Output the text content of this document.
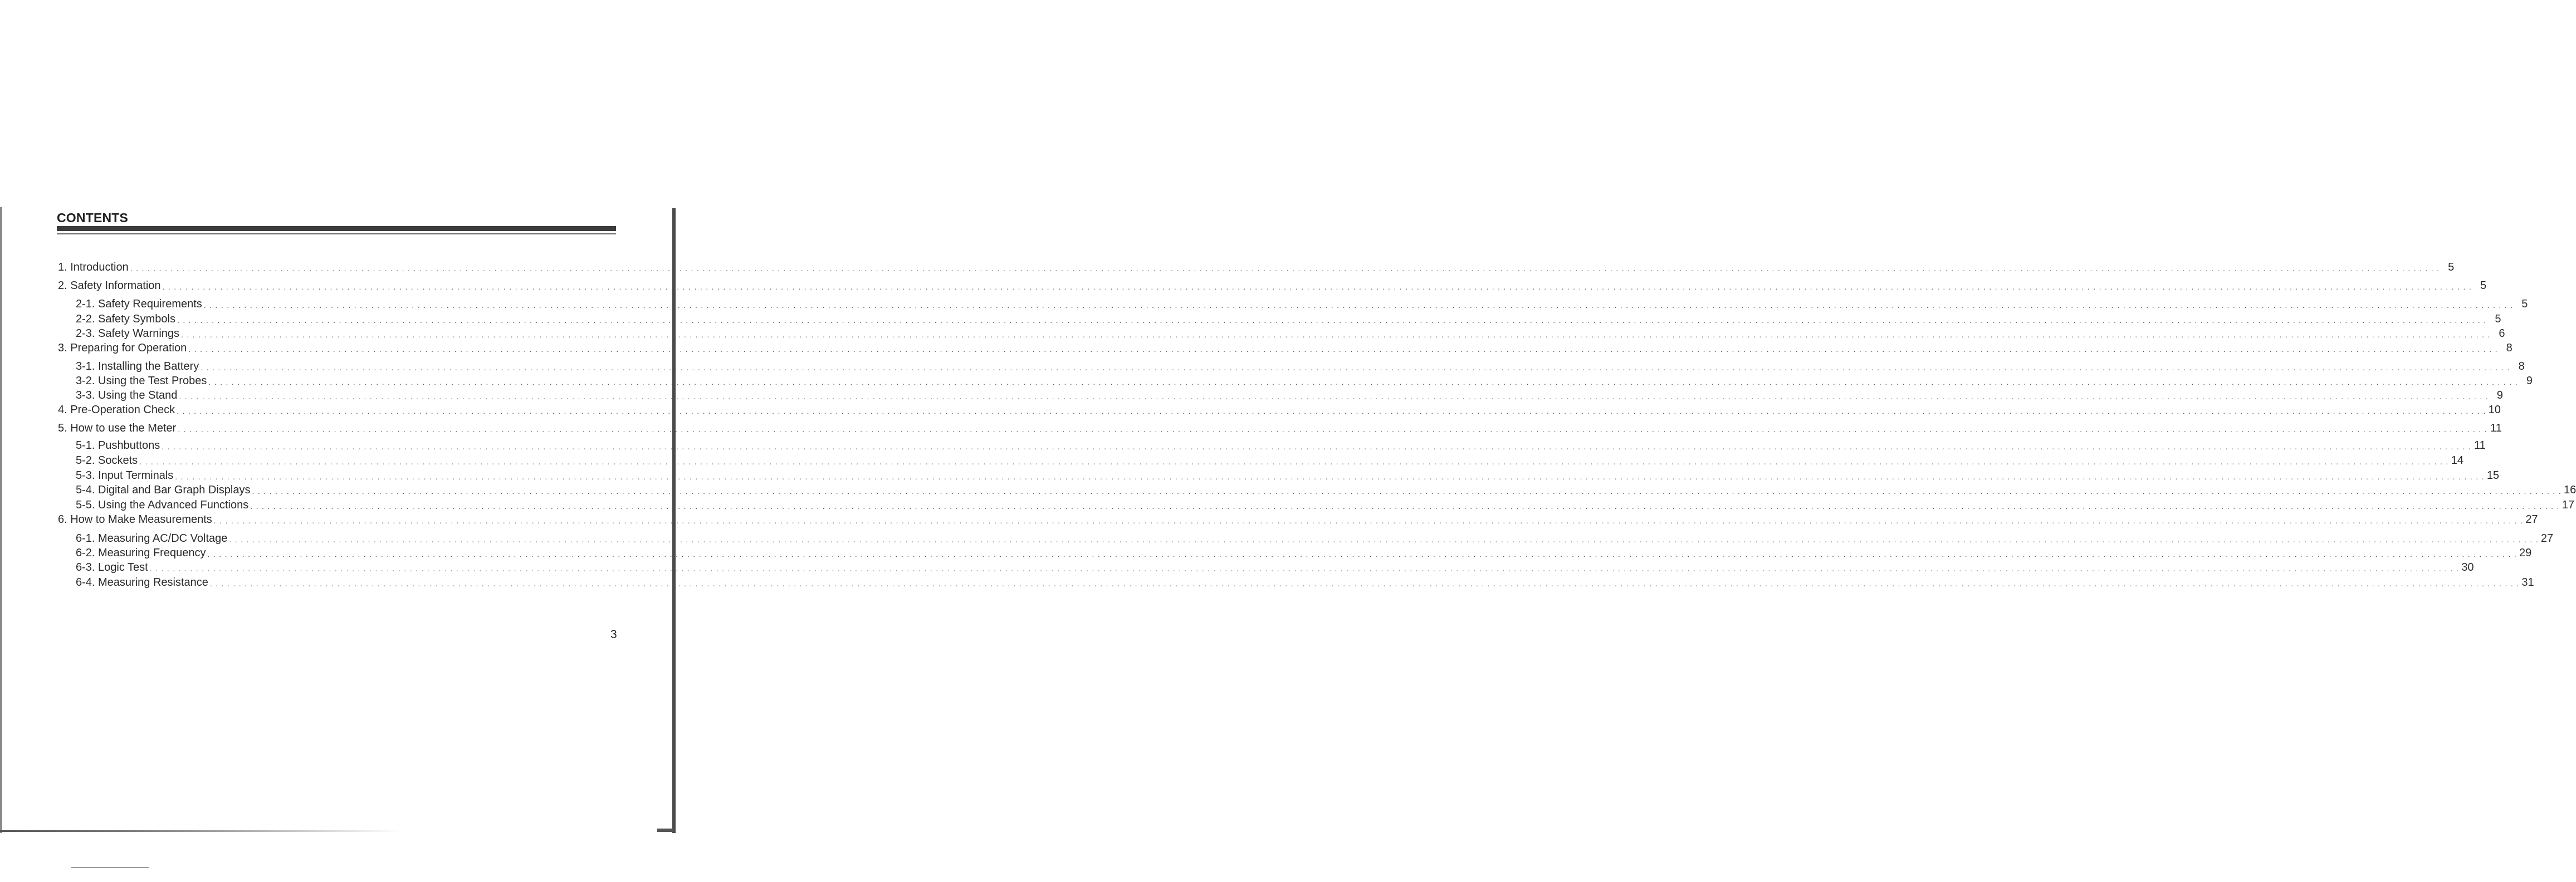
CONTENTS
1. Introduction . . . . . . . . . . . . . . . . . . . . . . . . . . . . . . . . . . . . . . . . . . . . . . . . . . . . . . . . . . . . . . . . . . . . . . . . . . . . . . . . . . . . . . . . . . . . . . . . . . . . . . . . . . . . . . . . . . . . . . . . . . . . . . . . . . . . . . . . . . . . . . . . . . . . . . . . . . . . . . . . . . . . . . . . . . . . . . . . . . . . . . . . . . . . . . . . . . . . . . . . . . . . . . . . . . . . . . . . . . . . . . . . . . . . . . . . . . . . . . . . . . . . . . . . . . . . . . . . . . . . . . . . . . . . . . . . . . . . . . . . . . . . . . . . . . . . . . . . . . . . . . . . . . . . . . . . . . . . . . . . . . . . . . . . . . . . . . . . . . . . . . . . . . . . . . . . . . . . . . . . . . . . . . . . . . . . . . . . . . . . . . . . . . . . . . . . . . . . . . . . 5
2. Safety Information . . . . . . . . . . . . . . . . . . . . . . . . . . . . . . . . . . . . . . . . . . . . . . . . . . . . . . . . . . . . . . . . . . . . . . . . . . . . . . . . . . . . . . . . . . . . . . . . . . . . . . . . . . . . . . . . . . . . . . . . . . . . . . . . . . . . . . . . . . . . . . . . . . . . . . . . . . . . . . . . . . . . . . . . . . . . . . . . . . . . . . . . . . . . . . . . . . . . . . . . . . . . . . . . . . . . . . . . . . . . . . . . . . . . . . . . . . . . . . . . . . . . . . . . . . . . . . . . . . . . . . . . . . . . . . . . . . . . . . . . . . . . . . . . . . . . . . . . . . . . . . . . . . . . . . . . . . . . . . . . . . . . . . . . . . . . . . . . . . . . . . . . . . . . . . . . . . . . . . . . . . . . . . . . . . . . . . . . . . . . . . . . . . . . . . . . . . . . . . . . 5
2-1. Safety Requirements . . . . . . . . . . . . . . . . . . . . . . . . . . . . . . . . . . . . . . . . . . . . . . . . . . . . . . . . . . . . . . . . . . . . . . . . . . . . . . . . . . . . . . . . . . . . . . . . . . . . . . . . . . . . . . . . . . . . . . . . . . . . . . . . . . . . . . . . . . . . . . . . . . . . . . . . . . . . . . . . . . . . . . . . . . . . . . . . . . . . . . . . . . . . . . . . . . . . . . . . . . . . . . . . . . . . . . . . . . . . . . . . . . . . . . . . . . . . . . . . . . . . . . . . . . . . . . . . . . . . . . . . . . . . . . . . . . . . . . . . . . . . . . . . . . . . . . . . . . . . . . . . . . . . . . . . . . . . . . . . . . . . . . . . . . . . . . . . . . . . . . . . . . . . . . . . . . . . . . . . . . . . . . . . . . . . . . . . . . . . . . . . . . . . . . . . . . . . . . . . 5
2-2. Safety Symbols . . . . . . . . . . . . . . . . . . . . . . . . . . . . . . . . . . . . . . . . . . . . . . . . . . . . . . . . . . . . . . . . . . . . . . . . . . . . . . . . . . . . . . . . . . . . . . . . . . . . . . . . . . . . . . . . . . . . . . . . . . . . . . . . . . . . . . . . . . . . . . . . . . . . . . . . . . . . . . . . . . . . . . . . . . . . . . . . . . . . . . . . . . . . . . . . . . . . . . . . . . . . . . . . . . . . . . . . . . . . . . . . . . . . . . . . . . . . . . . . . . . . . . . . . . . . . . . . . . . . . . . . . . . . . . . . . . . . . . . . . . . . . . . . . . . . . . . . . . . . . . . . . . . . . . . . . . . . . . . . . . . . . . . . . . . . . . . . . . . . . . . . . . . . . . . . . . . . . . . . . . . . . . . . . . . . . . . . . . . . . . . . . . . . . . . . . . . . . . . . 5
2-3. Safety Warnings . . . . . . . . . . . . . . . . . . . . . . . . . . . . . . . . . . . . . . . . . . . . . . . . . . . . . . . . . . . . . . . . . . . . . . . . . . . . . . . . . . . . . . . . . . . . . . . . . . . . . . . . . . . . . . . . . . . . . . . . . . . . . . . . . . . . . . . . . . . . . . . . . . . . . . . . . . . . . . . . . . . . . . . . . . . . . . . . . . . . . . . . . . . . . . . . . . . . . . . . . . . . . . . . . . . . . . . . . . . . . . . . . . . . . . . . . . . . . . . . . . . . . . . . . . . . . . . . . . . . . . . . . . . . . . . . . . . . . . . . . . . . . . . . . . . . . . . . . . . . . . . . . . . . . . . . . . . . . . . . . . . . . . . . . . . . . . . . . . . . . . . . . . . . . . . . . . . . . . . . . . . . . . . . . . . . . . . . . . . . . . . . . . . . . . . . . . . . . . . . 6
3. Preparing for Operation . . . . . . . . . . . . . . . . . . . . . . . . . . . . . . . . . . . . . . . . . . . . . . . . . . . . . . . . . . . . . . . . . . . . . . . . . . . . . . . . . . . . . . . . . . . . . . . . . . . . . . . . . . . . . . . . . . . . . . . . . . . . . . . . . . . . . . . . . . . . . . . . . . . . . . . . . . . . . . . . . . . . . . . . . . . . . . . . . . . . . . . . . . . . . . . . . . . . . . . . . . . . . . . . . . . . . . . . . . . . . . . . . . . . . . . . . . . . . . . . . . . . . . . . . . . . . . . . . . . . . . . . . . . . . . . . . . . . . . . . . . . . . . . . . . . . . . . . . . . . . . . . . . . . . . . . . . . . . . . . . . . . . . . . . . . . . . . . . . . . . . . . . . . . . . . . . . . . . . . . . . . . . . . . . . . . . . . . . . . . . . . . . . . . . . . . . . . . . . . . 8
3-1. Installing the Battery . . . . . . . . . . . . . . . . . . . . . . . . . . . . . . . . . . . . . . . . . . . . . . . . . . . . . . . . . . . . . . . . . . . . . . . . . . . . . . . . . . . . . . . . . . . . . . . . . . . . . . . . . . . . . . . . . . . . . . . . . . . . . . . . . . . . . . . . . . . . . . . . . . . . . . . . . . . . . . . . . . . . . . . . . . . . . . . . . . . . . . . . . . . . . . . . . . . . . . . . . . . . . . . . . . . . . . . . . . . . . . . . . . . . . . . . . . . . . . . . . . . . . . . . . . . . . . . . . . . . . . . . . . . . . . . . . . . . . . . . . . . . . . . . . . . . . . . . . . . . . . . . . . . . . . . . . . . . . . . . . . . . . . . . . . . . . . . . . . . . . . . . . . . . . . . . . . . . . . . . . . . . . . . . . . . . . . . . . . . . . . . . . . . . . . . . . . . . . . . . 8
3-2. Using the Test Probes . . . . . . . . . . . . . . . . . . . . . . . . . . . . . . . . . . . . . . . . . . . . . . . . . . . . . . . . . . . . . . . . . . . . . . . . . . . . . . . . . . . . . . . . . . . . . . . . . . . . . . . . . . . . . . . . . . . . . . . . . . . . . . . . . . . . . . . . . . . . . . . . . . . . . . . . . . . . . . . . . . . . . . . . . . . . . . . . . . . . . . . . . . . . . . . . . . . . . . . . . . . . . . . . . . . . . . . . . . . . . . . . . . . . . . . . . . . . . . . . . . . . . . . . . . . . . . . . . . . . . . . . . . . . . . . . . . . . . . . . . . . . . . . . . . . . . . . . . . . . . . . . . . . . . . . . . . . . . . . . . . . . . . . . . . . . . . . . . . . . . . . . . . . . . . . . . . . . . . . . . . . . . . . . . . . . . . . . . . . . . . . . . . . . . . . . . . . . . . . . 9
3-3. Using the Stand . . . . . . . . . . . . . . . . . . . . . . . . . . . . . . . . . . . . . . . . . . . . . . . . . . . . . . . . . . . . . . . . . . . . . . . . . . . . . . . . . . . . . . . . . . . . . . . . . . . . . . . . . . . . . . . . . . . . . . . . . . . . . . . . . . . . . . . . . . . . . . . . . . . . . . . . . . . . . . . . . . . . . . . . . . . . . . . . . . . . . . . . . . . . . . . . . . . . . . . . . . . . . . . . . . . . . . . . . . . . . . . . . . . . . . . . . . . . . . . . . . . . . . . . . . . . . . . . . . . . . . . . . . . . . . . . . . . . . . . . . . . . . . . . . . . . . . . . . . . . . . . . . . . . . . . . . . . . . . . . . . . . . . . . . . . . . . . . . . . . . . . . . . . . . . . . . . . . . . . . . . . . . . . . . . . . . . . . . . . . . . . . . . . . . . . . . . . . . . . . 9
4. Pre-Operation Check . . . . . . . . . . . . . . . . . . . . . . . . . . . . . . . . . . . . . . . . . . . . . . . . . . . . . . . . . . . . . . . . . . . . . . . . . . . . . . . . . . . . . . . . . . . . . . . . . . . . . . . . . . . . . . . . . . . . . . . . . . . . . . . . . . . . . . . . . . . . . . . . . . . . . . . . . . . . . . . . . . . . . . . . . . . . . . . . . . . . . . . . . . . . . . . . . . . . . . . . . . . . . . . . . . . . . . . . . . . . . . . . . . . . . . . . . . . . . . . . . . . . . . . . . . . . . . . . . . . . . . . . . . . . . . . . . . . . . . . . . . . . . . . . . . . . . . . . . . . . . . . . . . . . . . . . . . . . . . . . . . . . . . . . . . . . . . . . . . . . . . . . . . . . . . . . . . . . . . . . . . . . . . . . . . . . . . . . . . . . . . . . . . . . . . . . . . . . . . . . 10
5. How to use the Meter . . . . . . . . . . . . . . . . . . . . . . . . . . . . . . . . . . . . . . . . . . . . . . . . . . . . . . . . . . . . . . . . . . . . . . . . . . . . . . . . . . . . . . . . . . . . . . . . . . . . . . . . . . . . . . . . . . . . . . . . . . . . . . . . . . . . . . . . . . . . . . . . . . . . . . . . . . . . . . . . . . . . . . . . . . . . . . . . . . . . . . . . . . . . . . . . . . . . . . . . . . . . . . . . . . . . . . . . . . . . . . . . . . . . . . . . . . . . . . . . . . . . . . . . . . . . . . . . . . . . . . . . . . . . . . . . . . . . . . . . . . . . . . . . . . . . . . . . . . . . . . . . . . . . . . . . . . . . . . . . . . . . . . . . . . . . . . . . . . . . . . . . . . . . . . . . . . . . . . . . . . . . . . . . . . . . . . . . . . . . . . . . . . . . . . . . . . . . . . . . 11
5-1. Pushbuttons . . . . . . . . . . . . . . . . . . . . . . . . . . . . . . . . . . . . . . . . . . . . . . . . . . . . . . . . . . . . . . . . . . . . . . . . . . . . . . . . . . . . . . . . . . . . . . . . . . . . . . . . . . . . . . . . . . . . . . . . . . . . . . . . . . . . . . . . . . . . . . . . . . . . . . . . . . . . . . . . . . . . . . . . . . . . . . . . . . . . . . . . . . . . . . . . . . . . . . . . . . . . . . . . . . . . . . . . . . . . . . . . . . . . . . . . . . . . . . . . . . . . . . . . . . . . . . . . . . . . . . . . . . . . . . . . . . . . . . . . . . . . . . . . . . . . . . . . . . . . . . . . . . . . . . . . . . . . . . . . . . . . . . . . . . . . . . . . . . . . . . . . . . . . . . . . . . . . . . . . . . . . . . . . . . . . . . . . . . . . . . . . . . . . . . . . . . . . . . . . 11
5-2. Sockets . . . . . . . . . . . . . . . . . . . . . . . . . . . . . . . . . . . . . . . . . . . . . . . . . . . . . . . . . . . . . . . . . . . . . . . . . . . . . . . . . . . . . . . . . . . . . . . . . . . . . . . . . . . . . . . . . . . . . . . . . . . . . . . . . . . . . . . . . . . . . . . . . . . . . . . . . . . . . . . . . . . . . . . . . . . . . . . . . . . . . . . . . . . . . . . . . . . . . . . . . . . . . . . . . . . . . . . . . . . . . . . . . . . . . . . . . . . . . . . . . . . . . . . . . . . . . . . . . . . . . . . . . . . . . . . . . . . . . . . . . . . . . . . . . . . . . . . . . . . . . . . . . . . . . . . . . . . . . . . . . . . . . . . . . . . . . . . . . . . . . . . . . . . . . . . . . . . . . . . . . . . . . . . . . . . . . . . . . . . . . . . . . . . . . . . . . . . . . . . . 14
5-3. Input Terminals . . . . . . . . . . . . . . . . . . . . . . . . . . . . . . . . . . . . . . . . . . . . . . . . . . . . . . . . . . . . . . . . . . . . . . . . . . . . . . . . . . . . . . . . . . . . . . . . . . . . . . . . . . . . . . . . . . . . . . . . . . . . . . . . . . . . . . . . . . . . . . . . . . . . . . . . . . . . . . . . . . . . . . . . . . . . . . . . . . . . . . . . . . . . . . . . . . . . . . . . . . . . . . . . . . . . . . . . . . . . . . . . . . . . . . . . . . . . . . . . . . . . . . . . . . . . . . . . . . . . . . . . . . . . . . . . . . . . . . . . . . . . . . . . . . . . . . . . . . . . . . . . . . . . . . . . . . . . . . . . . . . . . . . . . . . . . . . . . . . . . . . . . . . . . . . . . . . . . . . . . . . . . . . . . . . . . . . . . . . . . . . . . . . . . . . . . . . . . . . . 15
5-4. Digital and Bar Graph Displays . . . . . . . . . . . . . . . . . . . . . . . . . . . . . . . . . . . . . . . . . . . . . . . . . . . . . . . . . . . . . . . . . . . . . . . . . . . . . . . . . . . . . . . . . . . . . . . . . . . . . . . . . . . . . . . . . . . . . . . . . . . . . . . . . . . . . . . . . . . . . . . . . . . . . . . . . . . . . . . . . . . . . . . . . . . . . . . . . . . . . . . . . . . . . . . . . . . . . . . . . . . . . . . . . . . . . . . . . . . . . . . . . . . . . . . . . . . . . . . . . . . . . . . . . . . . . . . . . . . . . . . . . . . . . . . . . . . . . . . . . . . . . . . . . . . . . . . . . . . . . . . . . . . . . . . . . . . . . . . . . . . . . . . . . . . . . . . . . . . . . . . . . . . . . . . . . . . . . . . . . . . . . . . . . . . . . . . . . . . . . . . . . . . . . . . . . . . . . . . . 16
5-5. Using the Advanced Functions . . . . . . . . . . . . . . . . . . . . . . . . . . . . . . . . . . . . . . . . . . . . . . . . . . . . . . . . . . . . . . . . . . . . . . . . . . . . . . . . . . . . . . . . . . . . . . . . . . . . . . . . . . . . . . . . . . . . . . . . . . . . . . . . . . . . . . . . . . . . . . . . . . . . . . . . . . . . . . . . . . . . . . . . . . . . . . . . . . . . . . . . . . . . . . . . . . . . . . . . . . . . . . . . . . . . . . . . . . . . . . . . . . . . . . . . . . . . . . . . . . . . . . . . . . . . . . . . . . . . . . . . . . . . . . . . . . . . . . . . . . . . . . . . . . . . . . . . . . . . . . . . . . . . . . . . . . . . . . . . . . . . . . . . . . . . . . . . . . . . . . . . . . . . . . . . . . . . . . . . . . . . . . . . . . . . . . . . . . . . . . . . . . . . . . . . . . . . . . . . 17
6. How to Make Measurements . . . . . . . . . . . . . . . . . . . . . . . . . . . . . . . . . . . . . . . . . . . . . . . . . . . . . . . . . . . . . . . . . . . . . . . . . . . . . . . . . . . . . . . . . . . . . . . . . . . . . . . . . . . . . . . . . . . . . . . . . . . . . . . . . . . . . . . . . . . . . . . . . . . . . . . . . . . . . . . . . . . . . . . . . . . . . . . . . . . . . . . . . . . . . . . . . . . . . . . . . . . . . . . . . . . . . . . . . . . . . . . . . . . . . . . . . . . . . . . . . . . . . . . . . . . . . . . . . . . . . . . . . . . . . . . . . . . . . . . . . . . . . . . . . . . . . . . . . . . . . . . . . . . . . . . . . . . . . . . . . . . . . . . . . . . . . . . . . . . . . . . . . . . . . . . . . . . . . . . . . . . . . . . . . . . . . . . . . . . . . . . . . . . . . . . . . . . . . . . . 27
6-1. Measuring AC/DC Voltage . . . . . . . . . . . . . . . . . . . . . . . . . . . . . . . . . . . . . . . . . . . . . . . . . . . . . . . . . . . . . . . . . . . . . . . . . . . . . . . . . . . . . . . . . . . . . . . . . . . . . . . . . . . . . . . . . . . . . . . . . . . . . . . . . . . . . . . . . . . . . . . . . . . . . . . . . . . . . . . . . . . . . . . . . . . . . . . . . . . . . . . . . . . . . . . . . . . . . . . . . . . . . . . . . . . . . . . . . . . . . . . . . . . . . . . . . . . . . . . . . . . . . . . . . . . . . . . . . . . . . . . . . . . . . . . . . . . . . . . . . . . . . . . . . . . . . . . . . . . . . . . . . . . . . . . . . . . . . . . . . . . . . . . . . . . . . . . . . . . . . . . . . . . . . . . . . . . . . . . . . . . . . . . . . . . . . . . . . . . . . . . . . . . . . . . . . . . . . . . . 27
6-2. Measuring Frequency . . . . . . . . . . . . . . . . . . . . . . . . . . . . . . . . . . . . . . . . . . . . . . . . . . . . . . . . . . . . . . . . . . . . . . . . . . . . . . . . . . . . . . . . . . . . . . . . . . . . . . . . . . . . . . . . . . . . . . . . . . . . . . . . . . . . . . . . . . . . . . . . . . . . . . . . . . . . . . . . . . . . . . . . . . . . . . . . . . . . . . . . . . . . . . . . . . . . . . . . . . . . . . . . . . . . . . . . . . . . . . . . . . . . . . . . . . . . . . . . . . . . . . . . . . . . . . . . . . . . . . . . . . . . . . . . . . . . . . . . . . . . . . . . . . . . . . . . . . . . . . . . . . . . . . . . . . . . . . . . . . . . . . . . . . . . . . . . . . . . . . . . . . . . . . . . . . . . . . . . . . . . . . . . . . . . . . . . . . . . . . . . . . . . . . . . . . . . . . . . 29
6-3. Logic Test . . . . . . . . . . . . . . . . . . . . . . . . . . . . . . . . . . . . . . . . . . . . . . . . . . . . . . . . . . . . . . . . . . . . . . . . . . . . . . . . . . . . . . . . . . . . . . . . . . . . . . . . . . . . . . . . . . . . . . . . . . . . . . . . . . . . . . . . . . . . . . . . . . . . . . . . . . . . . . . . . . . . . . . . . . . . . . . . . . . . . . . . . . . . . . . . . . . . . . . . . . . . . . . . . . . . . . . . . . . . . . . . . . . . . . . . . . . . . . . . . . . . . . . . . . . . . . . . . . . . . . . . . . . . . . . . . . . . . . . . . . . . . . . . . . . . . . . . . . . . . . . . . . . . . . . . . . . . . . . . . . . . . . . . . . . . . . . . . . . . . . . . . . . . . . . . . . . . . . . . . . . . . . . . . . . . . . . . . . . . . . . . . . . . . . . . . . . . . . . . 30
6-4. Measuring Resistance . . . . . . . . . . . . . . . . . . . . . . . . . . . . . . . . . . . . . . . . . . . . . . . . . . . . . . . . . . . . . . . . . . . . . . . . . . . . . . . . . . . . . . . . . . . . . . . . . . . . . . . . . . . . . . . . . . . . . . . . . . . . . . . . . . . . . . . . . . . . . . . . . . . . . . . . . . . . . . . . . . . . . . . . . . . . . . . . . . . . . . . . . . . . . . . . . . . . . . . . . . . . . . . . . . . . . . . . . . . . . . . . . . . . . . . . . . . . . . . . . . . . . . . . . . . . . . . . . . . . . . . . . . . . . . . . . . . . . . . . . . . . . . . . . . . . . . . . . . . . . . . . . . . . . . . . . . . . . . . . . . . . . . . . . . . . . . . . . . . . . . . . . . . . . . . . . . . . . . . . . . . . . . . . . . . . . . . . . . . . . . . . . . . . . . . . . . . . . . . . 31
3
